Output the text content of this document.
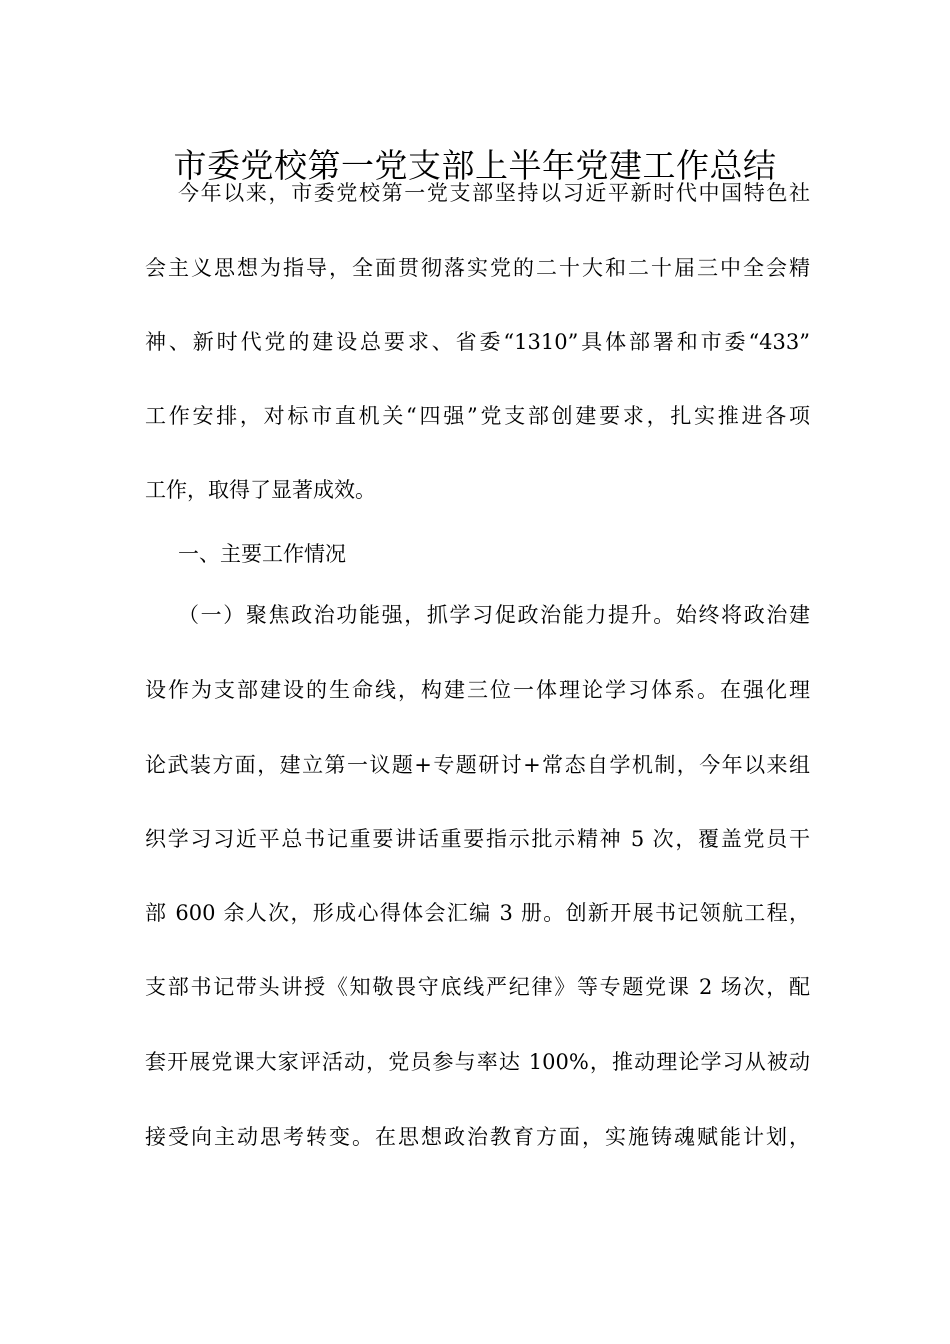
市委党校第一党支部上半年党建工作总结
今年以来，市委党校第一党支部坚持以习近平新时代中国特色社
会主义思想为指导，全面贯彻落实党的二十大和二十届三中全会精
神、新时代党的建设总要求、省委“1310”具体部署和市委“433”
工作安排，对标市直机关“四强”党支部创建要求，扎实推进各项
工作，取得了显著成效。
一、主要工作情况
（一）聚焦政治功能强，抓学习促政治能力提升。始终将政治建
设作为支部建设的生命线，构建三位一体理论学习体系。在强化理
论武装方面，建立第一议题+专题研讨+常态自学机制，今年以来组
织学习习近平总书记重要讲话重要指示批示精神 5 次，覆盖党员干
部 600 余人次，形成心得体会汇编 3 册。创新开展书记领航工程，
支部书记带头讲授《知敬畏守底线严纪律》等专题党课 2 场次，配
套开展党课大家评活动，党员参与率达 100%，推动理论学习从被动
接受向主动思考转变。在思想政治教育方面，实施铸魂赋能计划，
